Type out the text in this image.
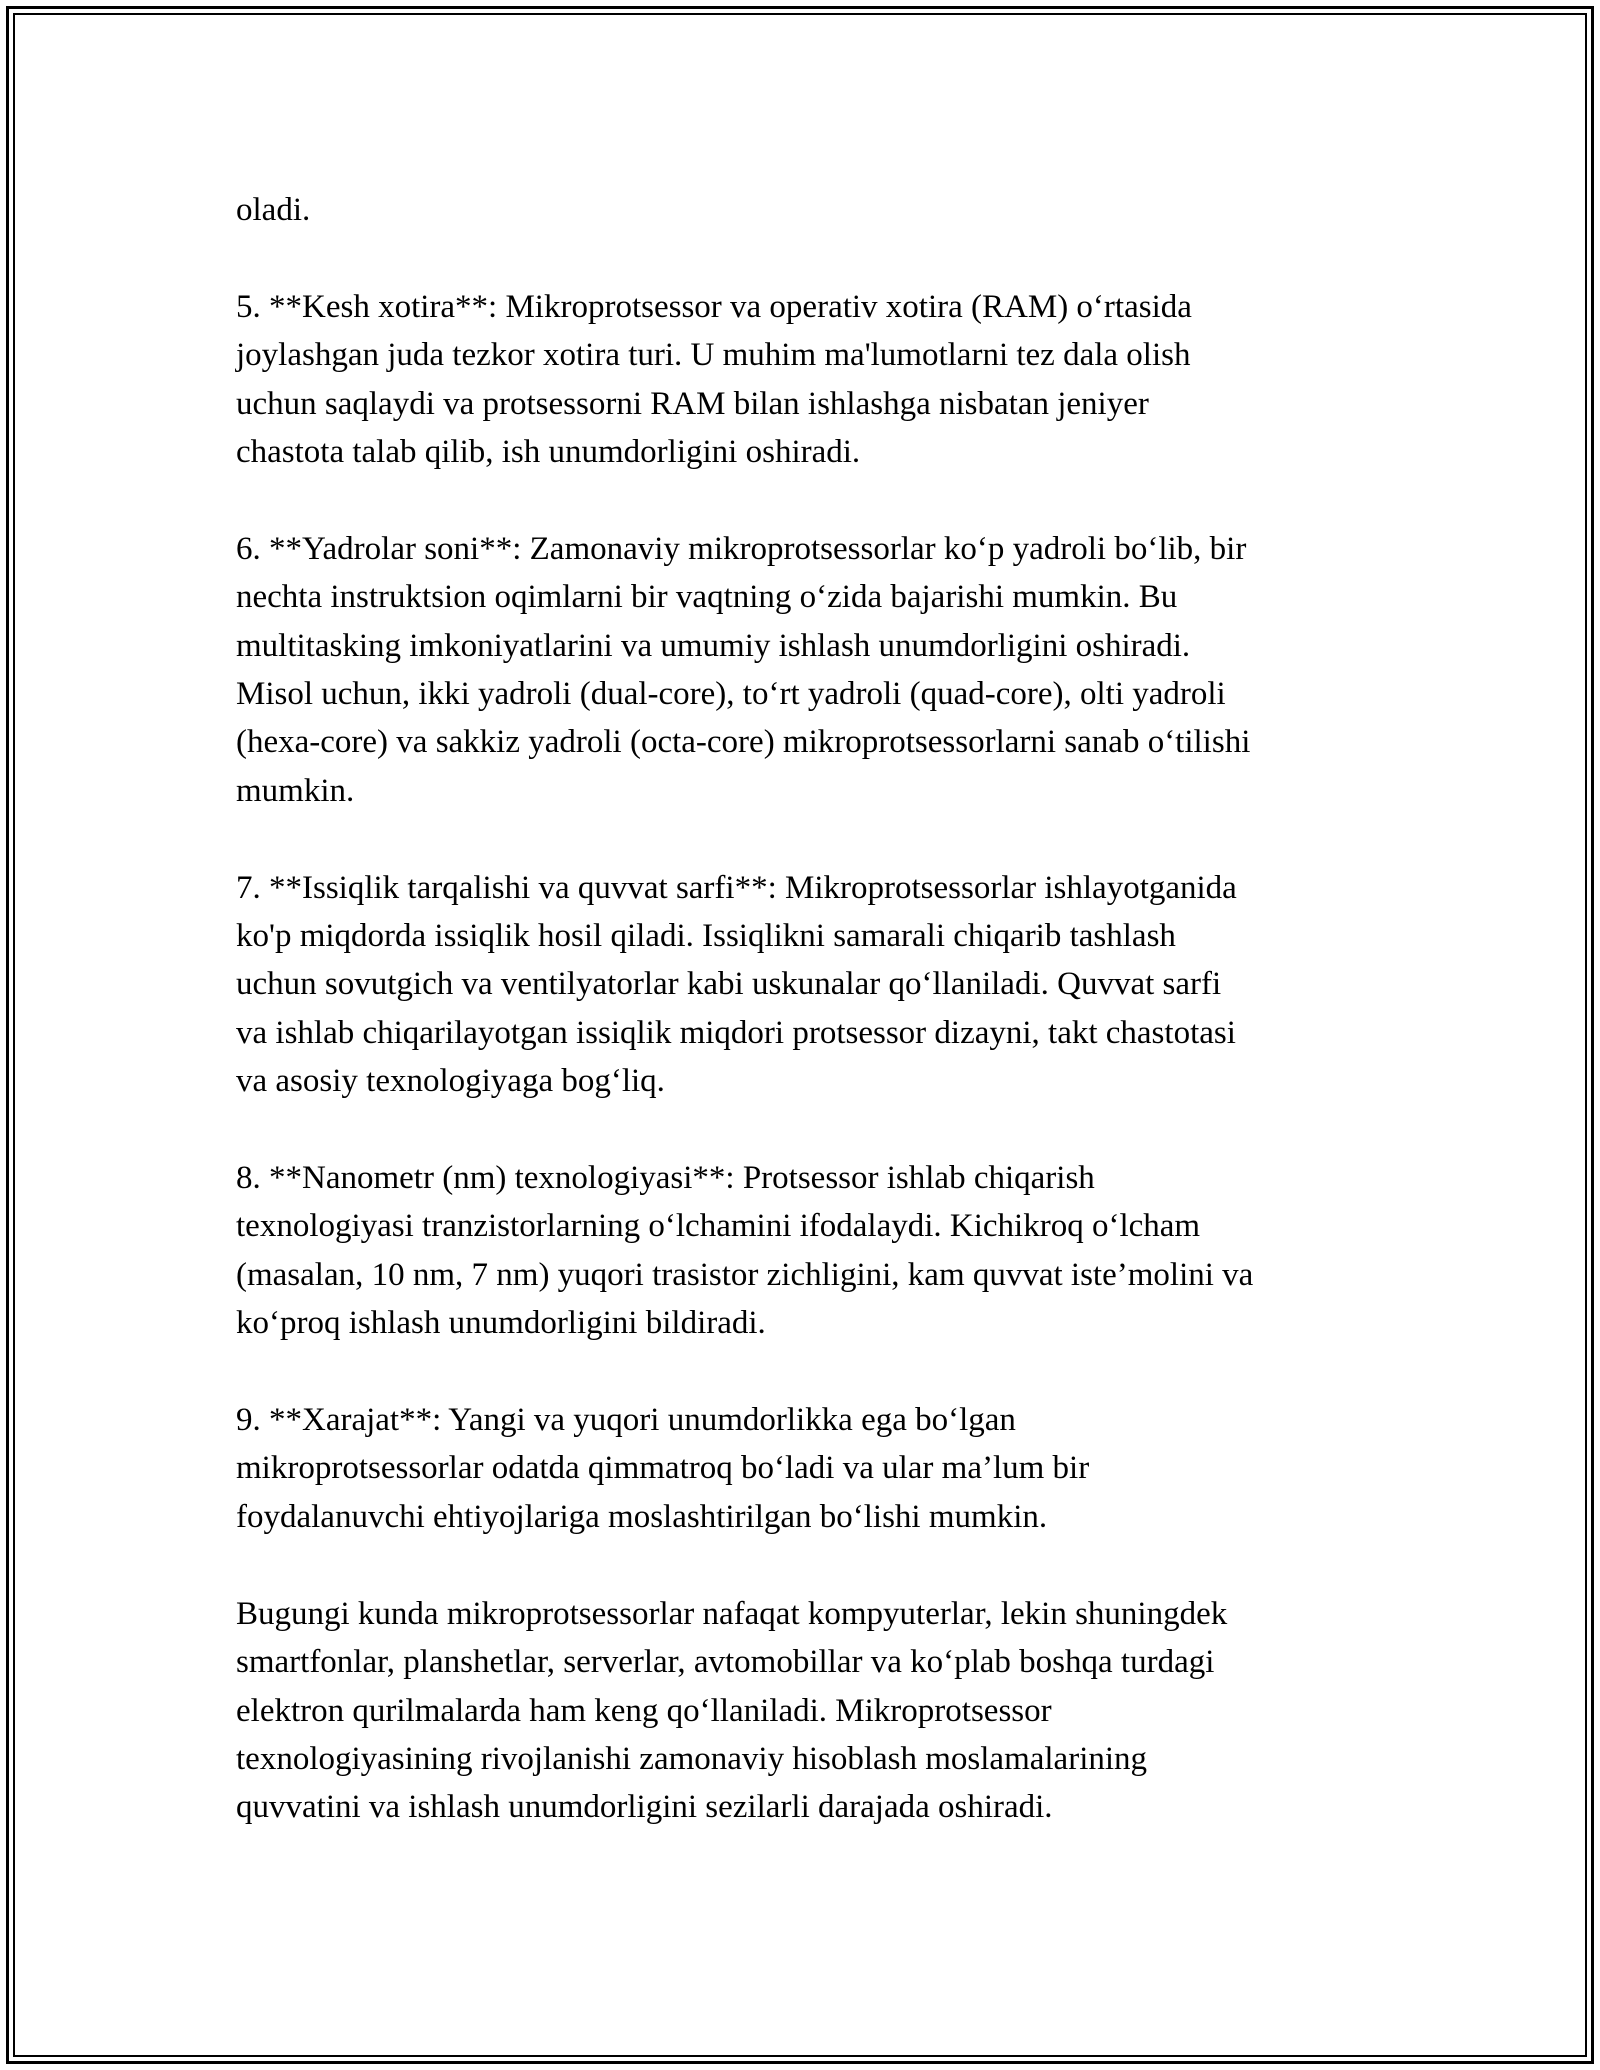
oladi.

5. **Kesh xotira**: Mikroprotsessor va operativ xotira (RAM) o‘rtasida
joylashgan juda tezkor xotira turi. U muhim ma'lumotlarni tez dala olish
uchun saqlaydi va protsessorni RAM bilan ishlashga nisbatan jeniyer
chastota talab qilib, ish unumdorligini oshiradi.

6. **Yadrolar soni**: Zamonaviy mikroprotsessorlar ko‘p yadroli bo‘lib, bir
nechta instruktsion oqimlarni bir vaqtning o‘zida bajarishi mumkin. Bu
multitasking imkoniyatlarini va umumiy ishlash unumdorligini oshiradi.
Misol uchun, ikki yadroli (dual-core), to‘rt yadroli (quad-core), olti yadroli
(hexa-core) va sakkiz yadroli (octa-core) mikroprotsessorlarni sanab o‘tilishi
mumkin.

7. **Issiqlik tarqalishi va quvvat sarfi**: Mikroprotsessorlar ishlayotganida
ko'p miqdorda issiqlik hosil qiladi. Issiqlikni samarali chiqarib tashlash
uchun sovutgich va ventilyatorlar kabi uskunalar qo‘llaniladi. Quvvat sarfi
va ishlab chiqarilayotgan issiqlik miqdori protsessor dizayni, takt chastotasi
va asosiy texnologiyaga bog‘liq.

8. **Nanometr (nm) texnologiyasi**: Protsessor ishlab chiqarish
texnologiyasi tranzistorlarning o‘lchamini ifodalaydi. Kichikroq o‘lcham
(masalan, 10 nm, 7 nm) yuqori trasistor zichligini, kam quvvat iste’molini va
ko‘proq ishlash unumdorligini bildiradi.

9. **Xarajat**: Yangi va yuqori unumdorlikka ega bo‘lgan
mikroprotsessorlar odatda qimmatroq bo‘ladi va ular ma’lum bir
foydalanuvchi ehtiyojlariga moslashtirilgan bo‘lishi mumkin.

Bugungi kunda mikroprotsessorlar nafaqat kompyuterlar, lekin shuningdek
smartfonlar, planshetlar, serverlar, avtomobillar va ko‘plab boshqa turdagi
elektron qurilmalarda ham keng qo‘llaniladi. Mikroprotsessor
texnologiyasining rivojlanishi zamonaviy hisoblash moslamalarining
quvvatini va ishlash unumdorligini sezilarli darajada oshiradi.
